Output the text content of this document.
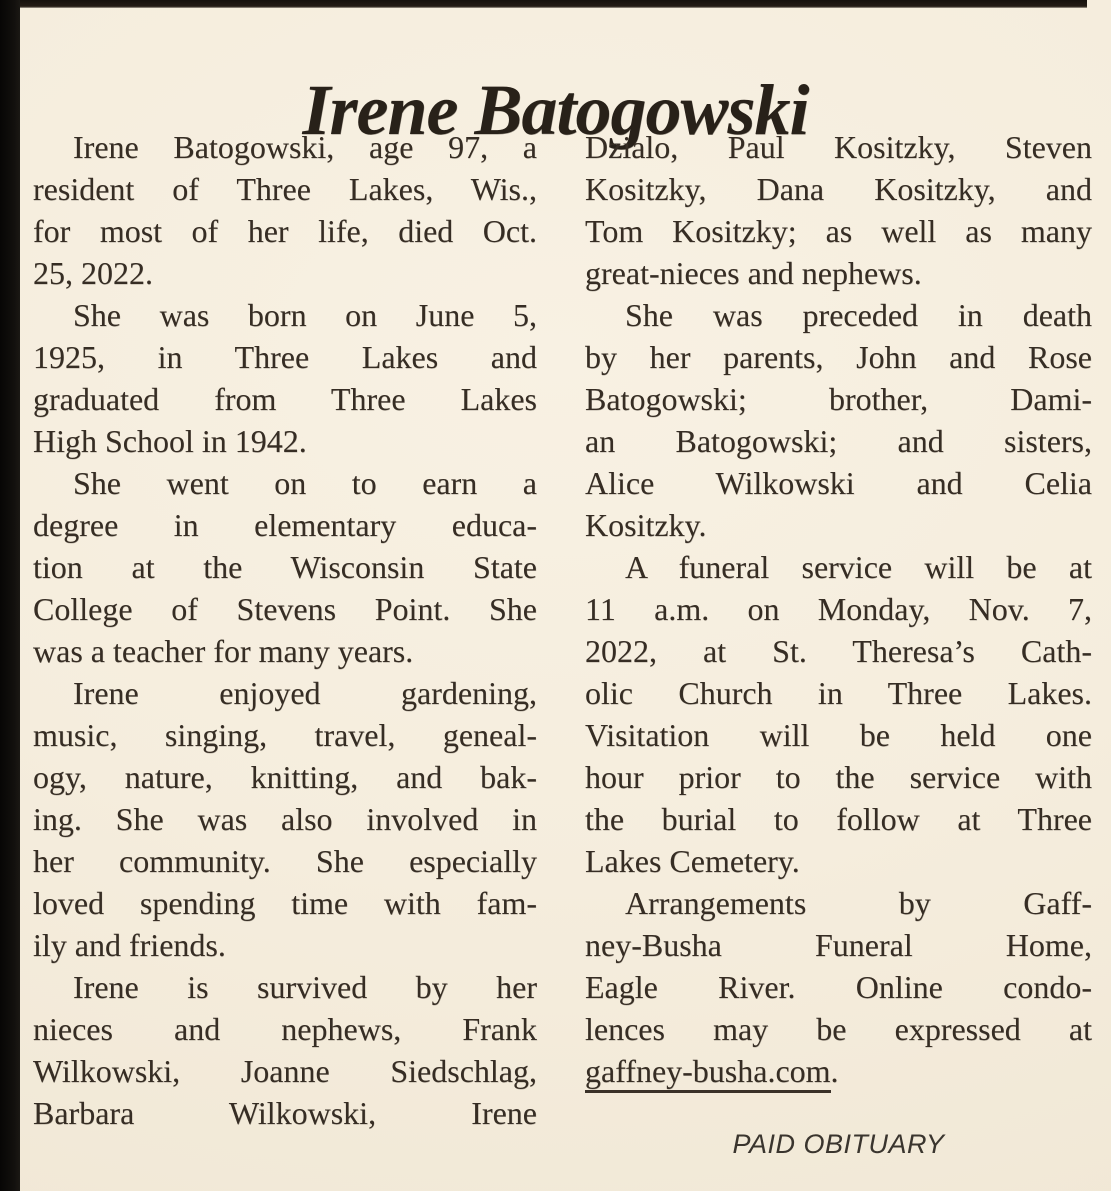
Irene Batogowski
Irene Batogowski, age 97, a
resident of Three Lakes, Wis.,
for most of her life, died Oct.
25, 2022.
She was born on June 5,
1925, in Three Lakes and
graduated from Three Lakes
High School in 1942.
She went on to earn a
degree in elementary educa-
tion at the Wisconsin State
College of Stevens Point. She
was a teacher for many years.
Irene enjoyed gardening,
music, singing, travel, geneal-
ogy, nature, knitting, and bak-
ing. She was also involved in
her community. She especially
loved spending time with fam-
ily and friends.
Irene is survived by her
nieces and nephews, Frank
Wilkowski, Joanne Siedschlag,
Barbara Wilkowski, Irene
Dzialo, Paul Kositzky, Steven
Kositzky, Dana Kositzky, and
Tom Kositzky; as well as many
great-nieces and nephews.
She was preceded in death
by her parents, John and Rose
Batogowski; brother, Dami-
an Batogowski; and sisters,
Alice Wilkowski and Celia
Kositzky.
A funeral service will be at
11 a.m. on Monday, Nov. 7,
2022, at St. Theresa’s Cath-
olic Church in Three Lakes.
Visitation will be held one
hour prior to the service with
the burial to follow at Three
Lakes Cemetery.
Arrangements by Gaff-
ney-Busha Funeral Home,
Eagle River. Online condo-
lences may be expressed at
gaffney-busha.com.
PAID OBITUARY
